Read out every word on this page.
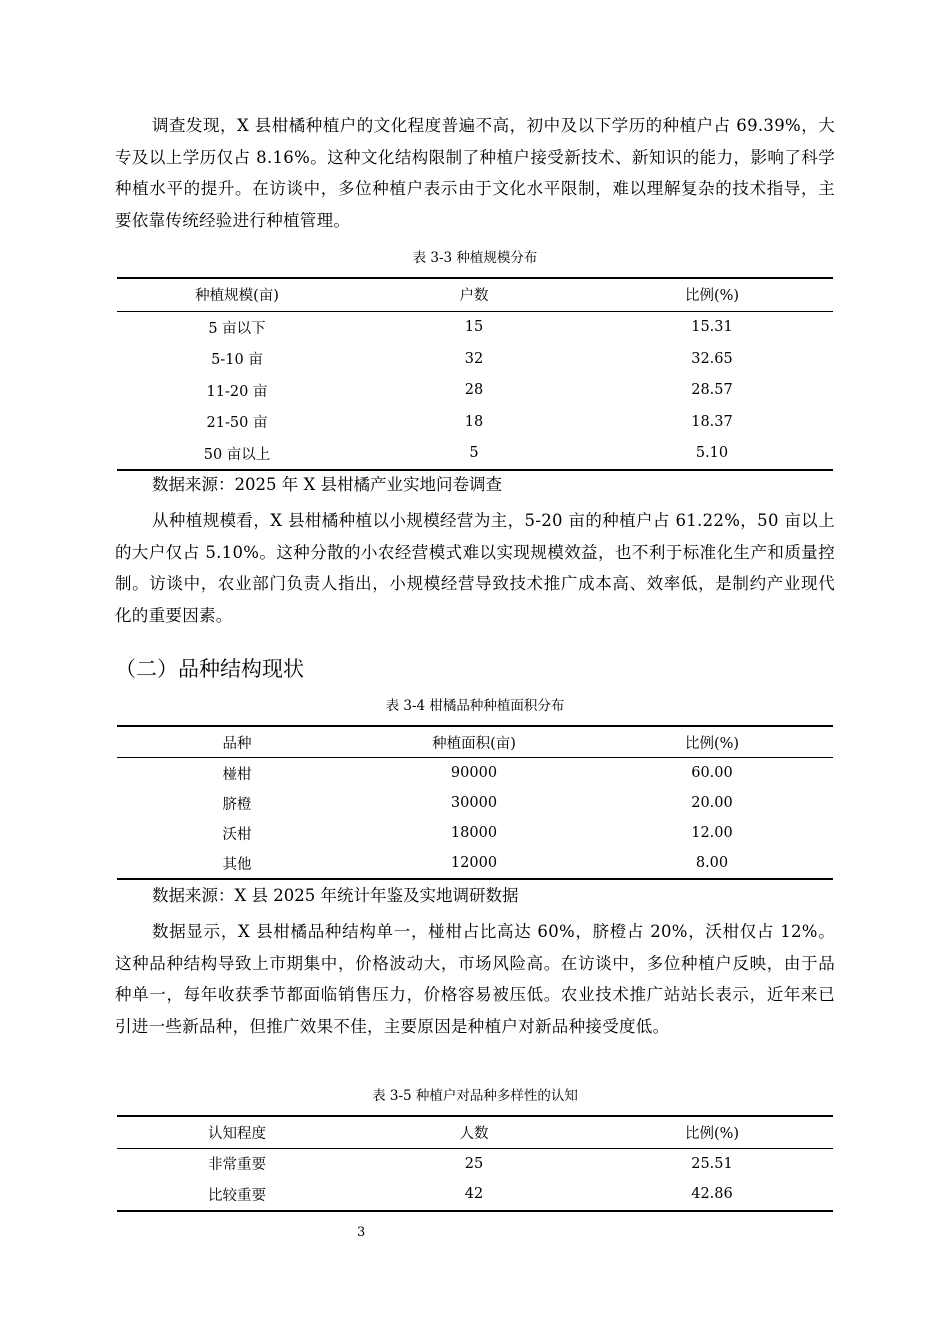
调查发现，X 县柑橘种植户的文化程度普遍不高，初中及以下学历的种植户占 69.39%，大专及以上学历仅占 8.16%。这种文化结构限制了种植户接受新技术、新知识的能力，影响了科学种植水平的提升。在访谈中，多位种植户表示由于文化水平限制，难以理解复杂的技术指导，主要依靠传统经验进行种植管理。

表 3-3 种植规模分布

种植规模(亩)	户数	比例(%)
5 亩以下	15	15.31
5-10 亩	32	32.65
11-20 亩	28	28.57
21-50 亩	18	18.37
50 亩以上	5	5.10

数据来源：2025 年 X 县柑橘产业实地问卷调查

从种植规模看，X 县柑橘种植以小规模经营为主，5-20 亩的种植户占 61.22%，50 亩以上的大户仅占 5.10%。这种分散的小农经营模式难以实现规模效益，也不利于标准化生产和质量控制。访谈中，农业部门负责人指出，小规模经营导致技术推广成本高、效率低，是制约产业现代化的重要因素。

（二）品种结构现状

表 3-4 柑橘品种种植面积分布

品种	种植面积(亩)	比例(%)
椪柑	90000	60.00
脐橙	30000	20.00
沃柑	18000	12.00
其他	12000	8.00

数据来源：X 县 2025 年统计年鉴及实地调研数据

数据显示，X 县柑橘品种结构单一，椪柑占比高达 60%，脐橙占 20%，沃柑仅占 12%。这种品种结构导致上市期集中，价格波动大，市场风险高。在访谈中，多位种植户反映，由于品种单一，每年收获季节都面临销售压力，价格容易被压低。农业技术推广站站长表示，近年来已引进一些新品种，但推广效果不佳，主要原因是种植户对新品种接受度低。

表 3-5 种植户对品种多样性的认知

认知程度	人数	比例(%)
非常重要	25	25.51
比较重要	42	42.86
3
